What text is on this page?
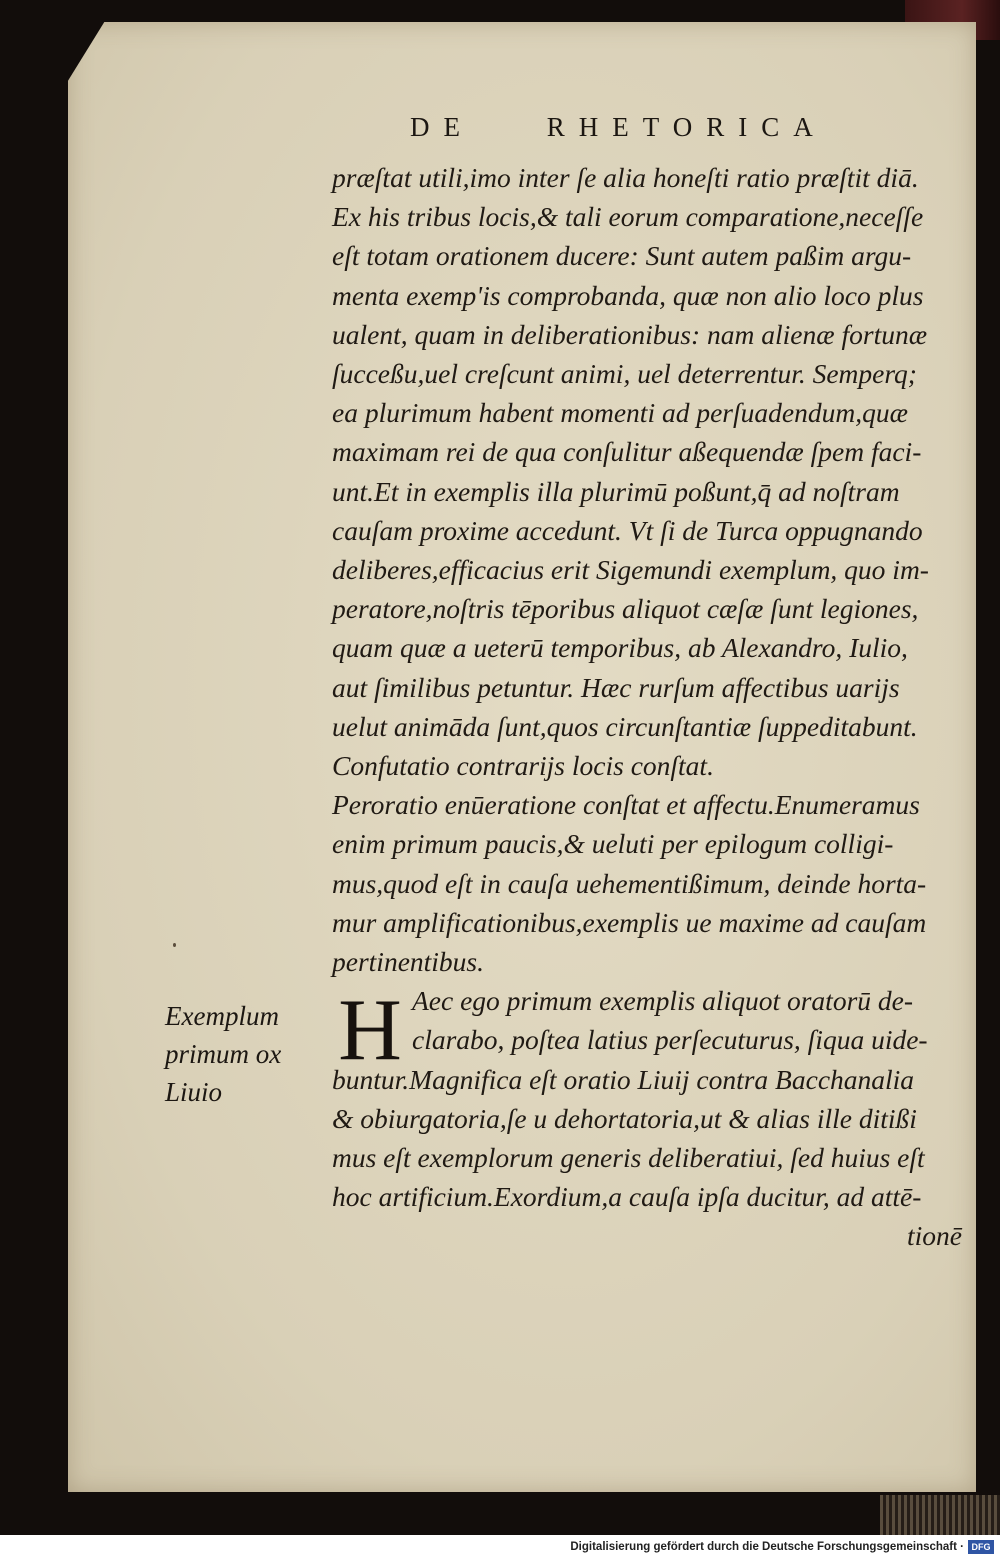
DE RHETORICA
præſtat utili,imo inter ſe alia honeſti ratio præſtit diā.
Ex his tribus locis,& tali eorum comparatione,neceſſe
eſt totam orationem ducere: Sunt autem paßim argu-
menta exemp'is comprobanda, quæ non alio loco plus
ualent, quam in deliberationibus: nam alienæ fortunæ
ſucceßu,uel creſcunt animi, uel deterrentur. Semperq;
ea plurimum habent momenti ad perſuadendum,quæ
maximam rei de qua conſulitur aßequendæ ſpem faci-
unt.Et in exemplis illa plurimū poßunt,q̄ ad noſtram
cauſam proxime accedunt. Vt ſi de Turca oppugnando
deliberes,efficacius erit Sigemundi exemplum, quo im-
peratore,noſtris tēporibus aliquot cæſæ ſunt legiones,
quam quæ a ueterū temporibus, ab Alexandro, Iulio,
aut ſimilibus petuntur. Hæc rurſum affectibus uarijs
uelut animāda ſunt,quos circunſtantiæ ſuppeditabunt.
Confutatio contrarijs locis conſtat.
Peroratio enūeratione conſtat et affectu.Enumeramus
enim primum paucis,& ueluti per epilogum colligi-
mus,quod eſt in cauſa uehementißimum, deinde horta-
mur amplificationibus,exemplis ue maxime ad cauſam
pertinentibus.
Aec ego primum exemplis aliquot oratorū de-
clarabo, poſtea latius perſecuturus, ſiqua uide-
buntur.Magnifica eſt oratio Liuij contra Bacchanalia
& obiurgatoria,ſe u dehortatoria,ut & alias ille ditißi
mus eſt exemplorum generis deliberatiui, ſed huius eſt
hoc artificium.Exordium,a cauſa ipſa ducitur, ad attē-
tionē
H
Exemplum
primum ox
Liuio
Digitalisierung gefördert durch die Deutsche Forschungsgemeinschaft · DFG
